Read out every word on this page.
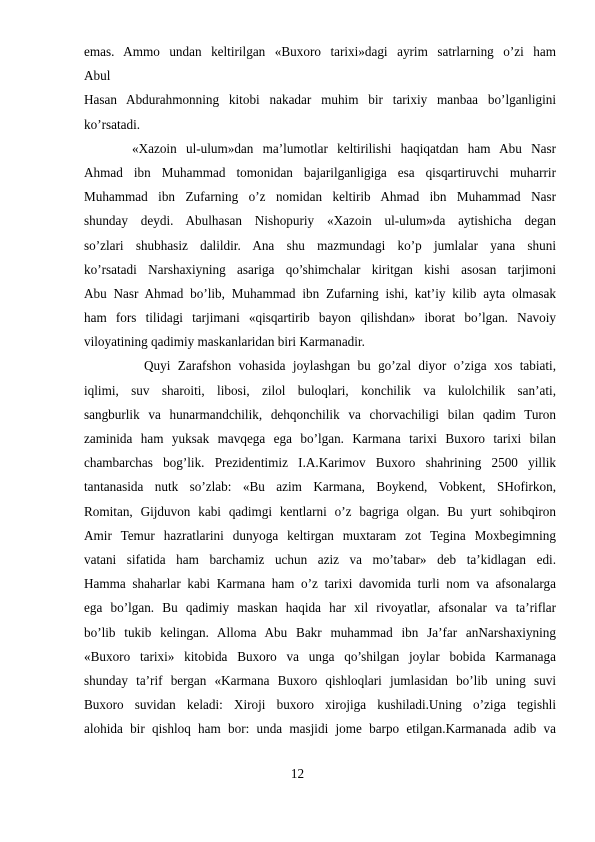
emas. Ammo undan keltirilgan «Buxoro tarixi»dagi ayrim satrlarning o’zi ham
Abul
Hasan Abdurahmonning kitobi nakadar muhim bir tarixiy manbaa bo’lganligini
ko’rsatadi.
«Xazoin ul-ulum»dan ma’lumotlar keltirilishi haqiqatdan ham Abu Nasr
Ahmad ibn Muhammad tomonidan bajarilganligiga esa qisqartiruvchi muharrir
Muhammad ibn Zufarning o’z nomidan keltirib Ahmad ibn Muhammad Nasr
shunday deydi. Abulhasan Nishopuriy «Xazoin ul-ulum»da aytishicha degan
so’zlari shubhasiz dalildir. Ana shu mazmundagi ko’p jumlalar yana shuni
ko’rsatadi Narshaxiyning asariga qo’shimchalar kiritgan kishi asosan tarjimoni
Abu Nasr Ahmad bo’lib, Muhammad ibn Zufarning ishi, kat’iy kilib ayta olmasak
ham fors tilidagi tarjimani «qisqartirib bayon qilishdan» iborat bo’lgan. Navoiy
viloyatining qadimiy maskanlaridan biri Karmanadir.
Quyi Zarafshon vohasida joylashgan bu go’zal diyor o’ziga xos tabiati,
iqlimi, suv sharoiti, libosi, zilol buloqlari, konchilik va kulolchilik san’ati,
sangburlik va hunarmandchilik, dehqonchilik va chorvachiligi bilan qadim Turon
zaminida ham yuksak mavqega ega bo’lgan. Karmana tarixi Buxoro tarixi bilan
chambarchas bog’lik. Prezidentimiz I.A.Karimov Buxoro shahrining 2500 yillik
tantanasida nutk so’zlab: «Bu azim Karmana, Boykend, Vobkent, SHofirkon,
Romitan, Gijduvon kabi qadimgi kentlarni o’z bagriga olgan. Bu yurt sohibqiron
Amir Temur hazratlarini dunyoga keltirgan muxtaram zot Tegina Moxbegimning
vatani sifatida ham barchamiz uchun aziz va mo’tabar» deb ta’kidlagan edi.
Hamma shaharlar kabi Karmana ham o’z tarixi davomida turli nom va afsonalarga
ega bo’lgan. Bu qadimiy maskan haqida har xil rivoyatlar, afsonalar va ta’riflar
bo’lib tukib kelingan. Alloma Abu Bakr muhammad ibn Ja’far anNarshaxiyning
«Buxoro tarixi» kitobida Buxoro va unga qo’shilgan joylar bobida Karmanaga
shunday ta’rif bergan «Karmana Buxoro qishloqlari jumlasidan bo’lib uning suvi
Buxoro suvidan keladi: Xiroji buxoro xirojiga kushiladi.Uning o’ziga tegishli
alohida bir qishloq ham bor: unda masjidi jome barpo etilgan.Karmanada adib va
12
